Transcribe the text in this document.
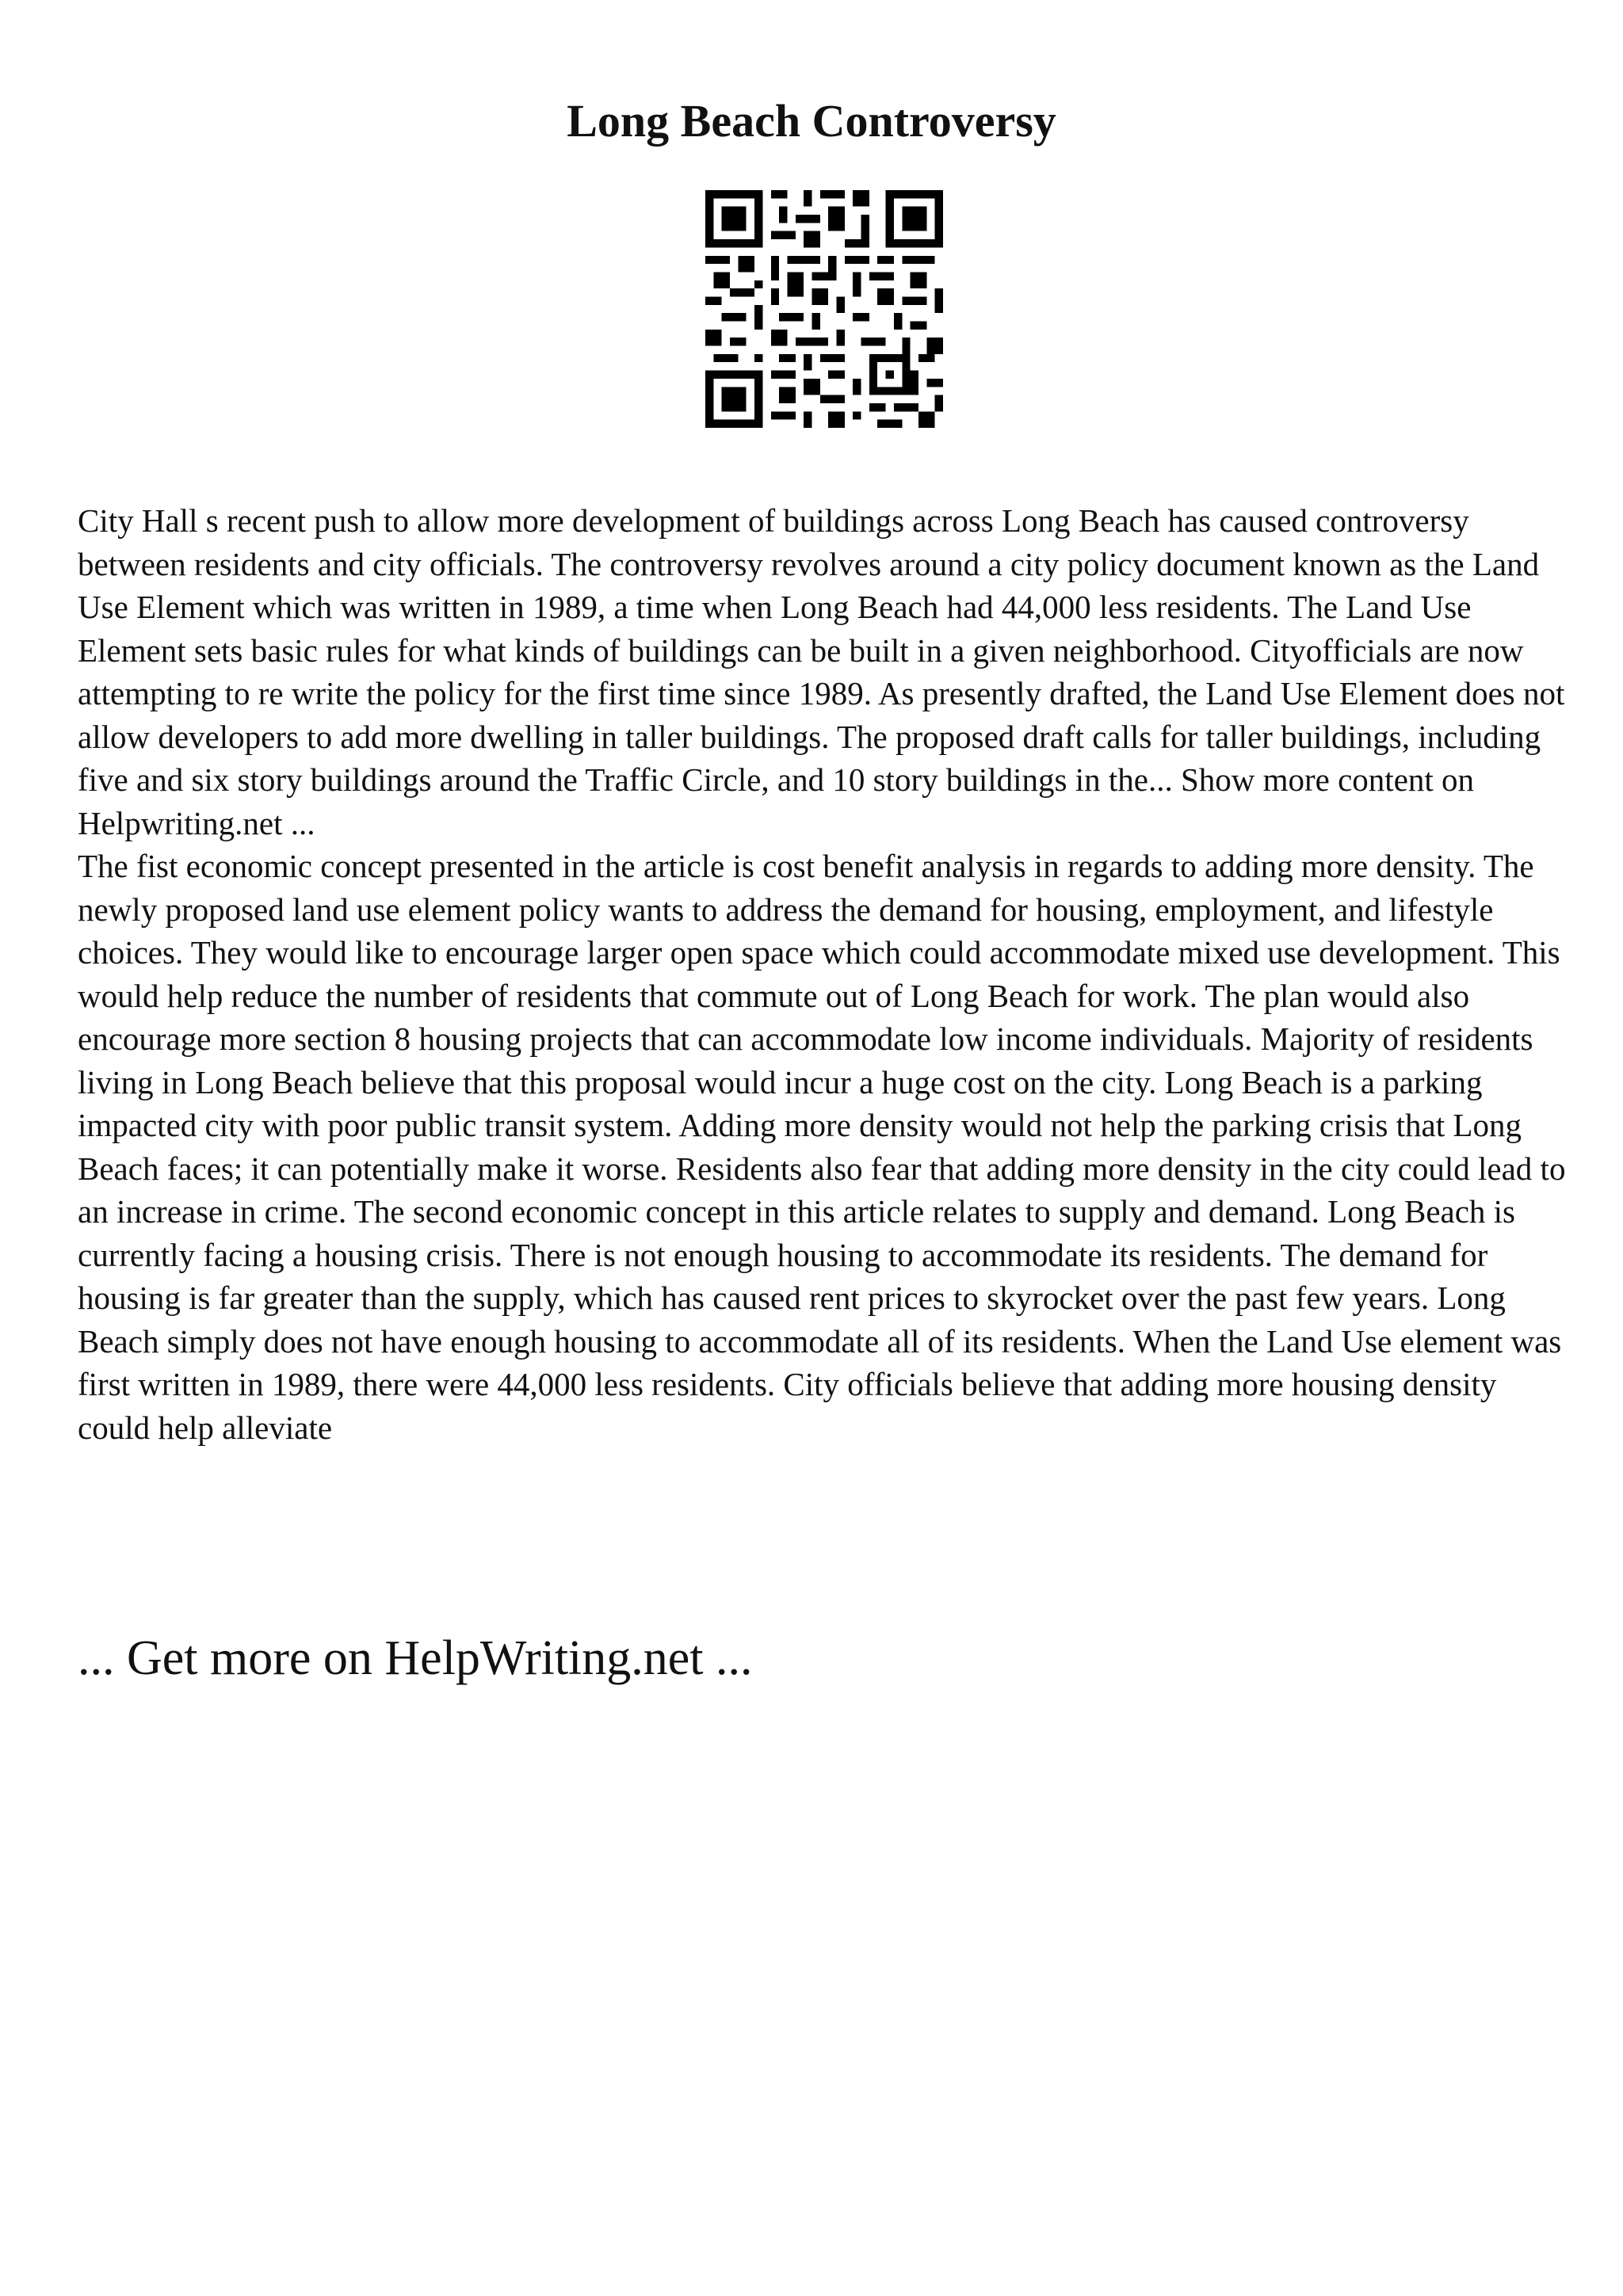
Long Beach Controversy

City Hall s recent push to allow more development of buildings across Long Beach has caused controversy between residents and city officials. The controversy revolves around a city policy document known as the Land Use Element which was written in 1989, a time when Long Beach had 44,000 less residents. The Land Use Element sets basic rules for what kinds of buildings can be built in a given neighborhood. Cityofficials are now attempting to re write the policy for the first time since 1989. As presently drafted, the Land Use Element does not allow developers to add more dwelling in taller buildings. The proposed draft calls for taller buildings, including five and six story buildings around the Traffic Circle, and 10 story buildings in the... Show more content on Helpwriting.net ...

The fist economic concept presented in the article is cost benefit analysis in regards to adding more density. The newly proposed land use element policy wants to address the demand for housing, employment, and lifestyle choices. They would like to encourage larger open space which could accommodate mixed use development. This would help reduce the number of residents that commute out of Long Beach for work. The plan would also encourage more section 8 housing projects that can accommodate low income individuals. Majority of residents living in Long Beach believe that this proposal would incur a huge cost on the city. Long Beach is a parking impacted city with poor public transit system. Adding more density would not help the parking crisis that Long Beach faces; it can potentially make it worse. Residents also fear that adding more density in the city could lead to an increase in crime. The second economic concept in this article relates to supply and demand. Long Beach is currently facing a housing crisis. There is not enough housing to accommodate its residents. The demand for housing is far greater than the supply, which has caused rent prices to skyrocket over the past few years. Long Beach simply does not have enough housing to accommodate all of its residents. When the Land Use element was first written in 1989, there were 44,000 less residents. City officials believe that adding more housing density could help alleviate

... Get more on HelpWriting.net ...
